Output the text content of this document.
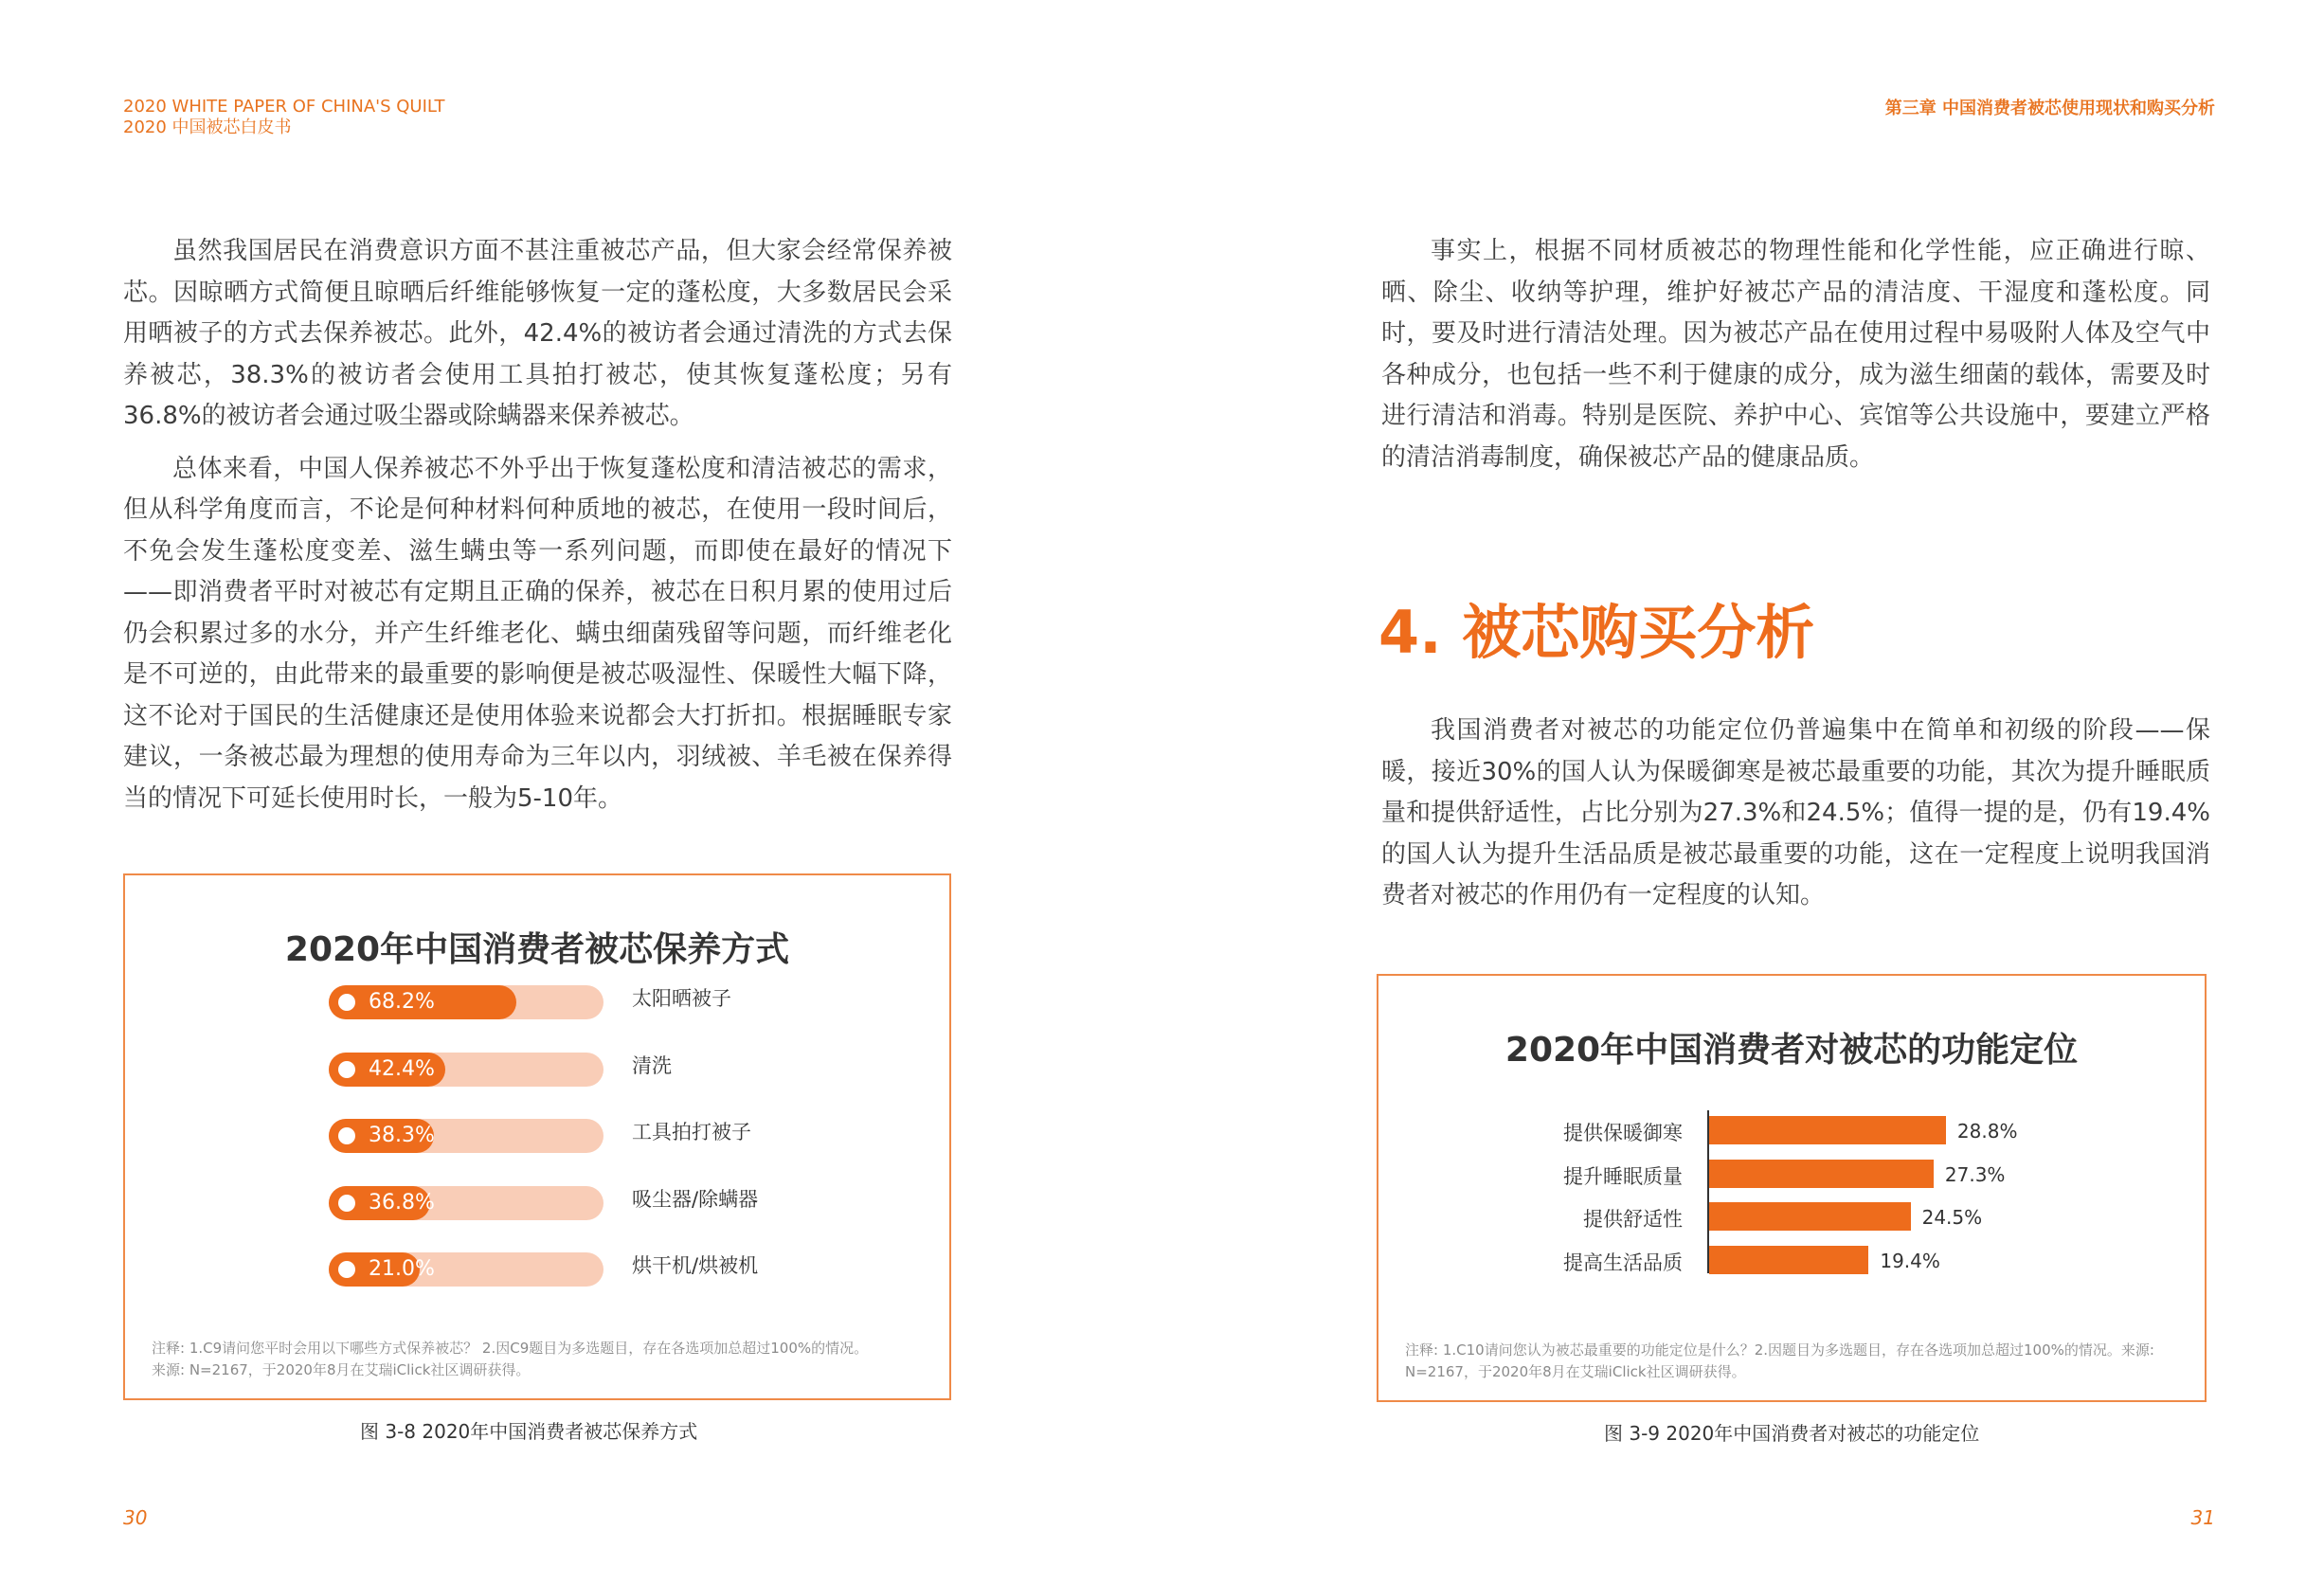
2020 WHITE PAPER OF CHINA'S QUILT
2020 中国被芯白皮书
第三章 中国消费者被芯使用现状和购买分析

虽然我国居民在消费意识方面不甚注重被芯产品，但大家会经常保养被芯。因晾晒方式简便且晾晒后纤维能够恢复一定的蓬松度，大多数居民会采用晒被子的方式去保养被芯。此外，42.4%的被访者会通过清洗的方式去保养被芯，38.3%的被访者会使用工具拍打被芯，使其恢复蓬松度；另有36.8%的被访者会通过吸尘器或除螨器来保养被芯。

总体来看，中国人保养被芯不外乎出于恢复蓬松度和清洁被芯的需求，但从科学角度而言，不论是何种材料何种质地的被芯，在使用一段时间后，不免会发生蓬松度变差、滋生螨虫等一系列问题，而即使在最好的情况下——即消费者平时对被芯有定期且正确的保养，被芯在日积月累的使用过后仍会积累过多的水分，并产生纤维老化、螨虫细菌残留等问题，而纤维老化是不可逆的，由此带来的最重要的影响便是被芯吸湿性、保暖性大幅下降，这不论对于国民的生活健康还是使用体验来说都会大打折扣。根据睡眠专家建议，一条被芯最为理想的使用寿命为三年以内，羽绒被、羊毛被在保养得当的情况下可延长使用时长，一般为5-10年。

事实上，根据不同材质被芯的物理性能和化学性能，应正确进行晾、晒、除尘、收纳等护理，维护好被芯产品的清洁度、干湿度和蓬松度。同时，要及时进行清洁处理。因为被芯产品在使用过程中易吸附人体及空气中各种成分，也包括一些不利于健康的成分，成为滋生细菌的载体，需要及时进行清洁和消毒。特别是医院、养护中心、宾馆等公共设施中，要建立严格的清洁消毒制度，确保被芯产品的健康品质。

4. 被芯购买分析

我国消费者对被芯的功能定位仍普遍集中在简单和初级的阶段——保暖，接近30%的国人认为保暖御寒是被芯最重要的功能，其次为提升睡眠质量和提供舒适性，占比分别为27.3%和24.5%；值得一提的是，仍有19.4%的国人认为提升生活品质是被芯最重要的功能，这在一定程度上说明我国消费者对被芯的作用仍有一定程度的认知。

2020年中国消费者被芯保养方式
68.2%	太阳晒被子
42.4%	清洗
38.3%	工具拍打被子
36.8%	吸尘器/除螨器
21.0%	烘干机/烘被机
注释: 1.C9请问您平时会用以下哪些方式保养被芯？ 2.因C9题目为多选题目，存在各选项加总超过100%的情况。
来源: N=2167，于2020年8月在艾瑞iClick社区调研获得。
图 3-8 2020年中国消费者被芯保养方式
2020年中国消费者对被芯的功能定位
提供保暖御寒	28.8%
提升睡眠质量	27.3%
提供舒适性	24.5%
提高生活品质	19.4%
注释: 1.C10请问您认为被芯最重要的功能定位是什么？2.因题目为多选题目，存在各选项加总超过100%的情况。来源:
N=2167，于2020年8月在艾瑞iClick社区调研获得。
图 3-9 2020年中国消费者对被芯的功能定位
30	31
